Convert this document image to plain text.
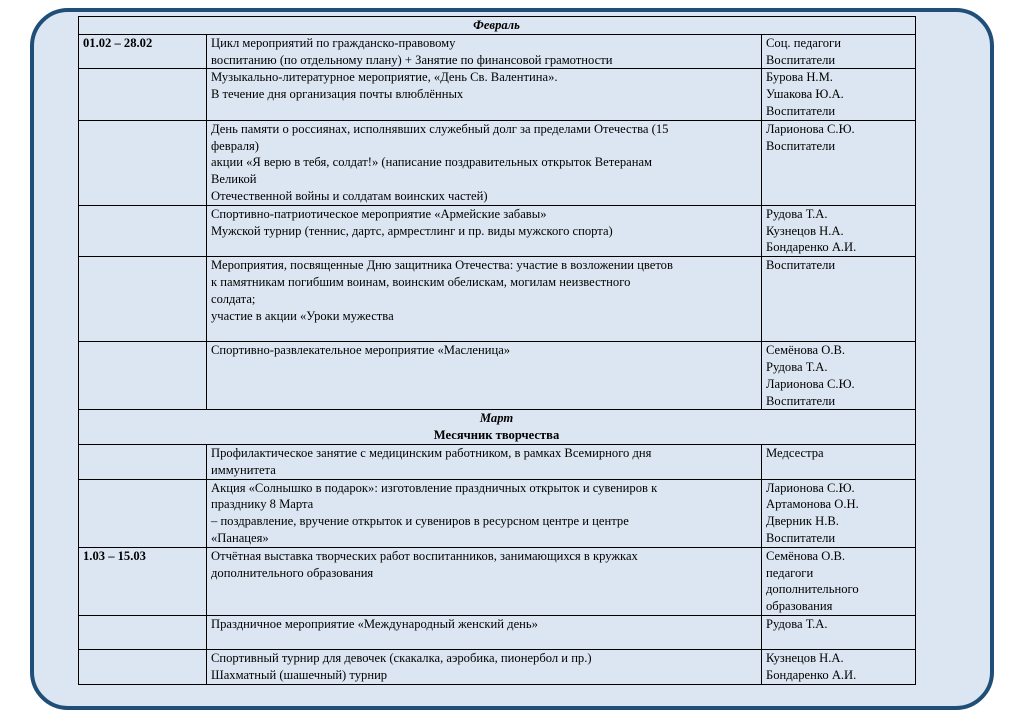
Февраль		
01.02 – 28.02	Цикл мероприятий по гражданско-правовому
воспитанию (по отдельному плану) + Занятие по финансовой грамотности	Соц. педагоги
Воспитатели

	Музыкально-литературное мероприятие, «День Св. Валентина».
В течение дня организация почты влюблённых	Бурова Н.М.
Ушакова Ю.А.
Воспитатели

	День памяти о россиянах, исполнявших служебный долг за пределами Отечества (15
февраля)
акции «Я верю в тебя, солдат!» (написание поздравительных открыток Ветеранам
Великой
Отечественной войны и солдатам воинских частей)	Ларионова С.Ю.
Воспитатели

	Спортивно-патриотическое мероприятие «Армейские забавы»
Мужской турнир (теннис, дартс, армрестлинг и пр. виды мужского спорта)	Рудова Т.А.
Кузнецов Н.А.
Бондаренко А.И.

	Мероприятия, посвященные Дню защитника Отечества: участие в возложении цветов
к памятникам погибшим воинам, воинским обелискам, могилам неизвестного
солдата;
участие в акции «Уроки мужества	Воспитатели

	Спортивно-развлекательное мероприятие «Масленица»	Семёнова О.В.
Рудова Т.А.
Ларионова С.Ю.
Воспитатели

Март
Месячник творчества		

	Профилактическое занятие с медицинским работником, в рамках Всемирного дня
иммунитета	Медсестра

	Акция «Солнышко в подарок»: изготовление праздничных открыток и сувениров к
празднику 8 Марта
– поздравление, вручение открыток и сувениров в ресурсном центре и центре
«Панацея»	Ларионова С.Ю.
Артамонова О.Н.
Дверник Н.В.
Воспитатели

1.03 – 15.03	Отчётная выставка творческих работ воспитанников, занимающихся в кружках
дополнительного образования	Семёнова О.В.
педагоги
дополнительного
образования

	Праздничное мероприятие «Международный женский день»	Рудова Т.А.

	Спортивный турнир для девочек (скакалка, аэробика, пионербол и пр.)
Шахматный (шашечный) турнир	Кузнецов Н.А.
Бондаренко А.И.
